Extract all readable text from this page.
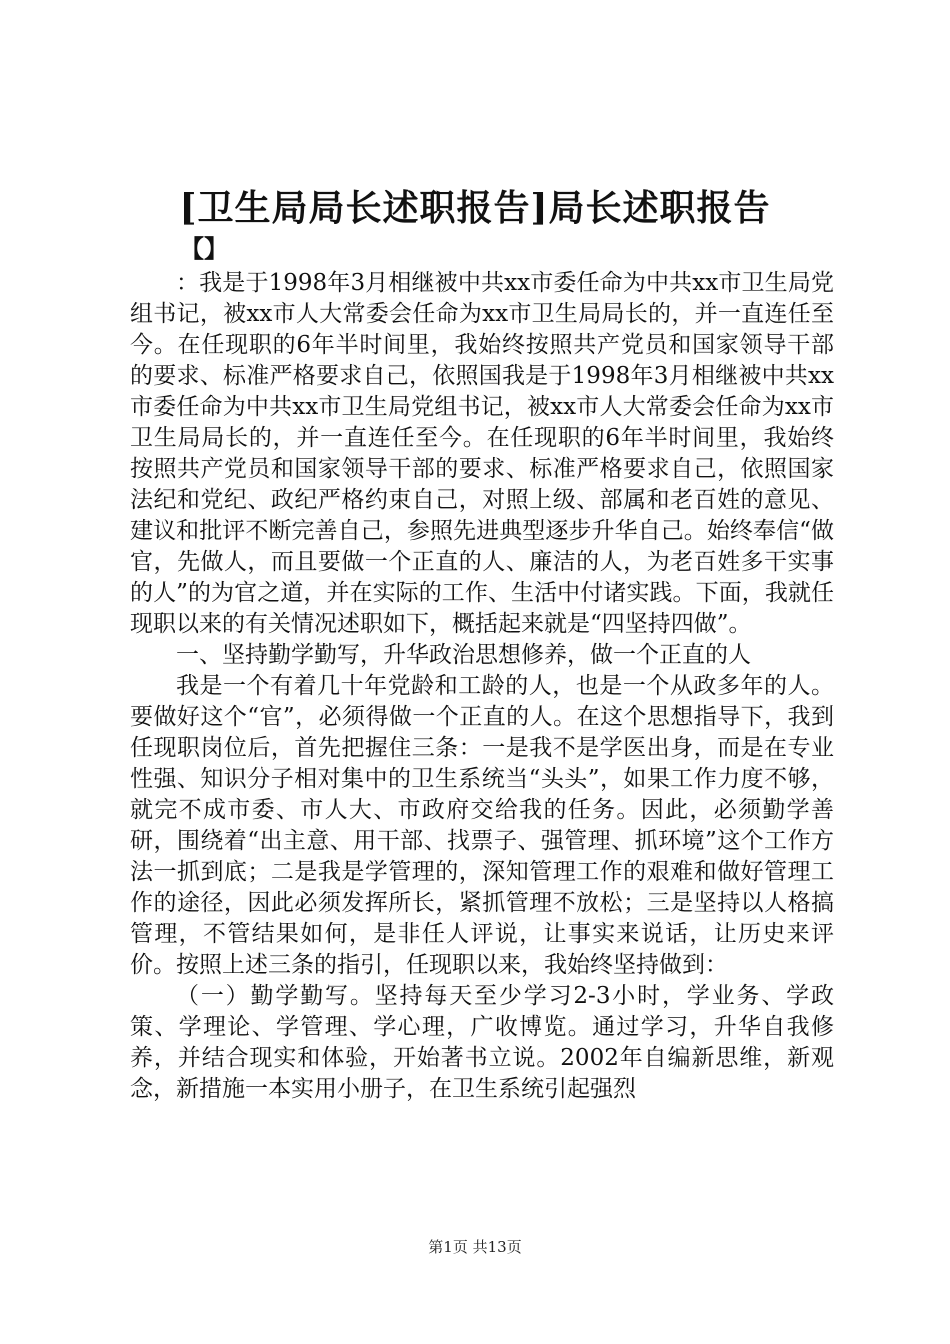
[卫生局局长述职报告]局长述职报告
【】

：我是于1998年3月相继被中共xx市委任命为中共xx市卫生局党组书记，被xx市人大常委会任命为xx市卫生局局长的，并一直连任至今。在任现职的6年半时间里，我始终按照共产党员和国家领导干部的要求、标准严格要求自己，依照国我是于1998年3月相继被中共xx市委任命为中共xx市卫生局党组书记，被xx市人大常委会任命为xx市卫生局局长的，并一直连任至今。在任现职的6年半时间里，我始终按照共产党员和国家领导干部的要求、标准严格要求自己，依照国家法纪和党纪、政纪严格约束自己，对照上级、部属和老百姓的意见、建议和批评不断完善自己，参照先进典型逐步升华自己。始终奉信“做官，先做人，而且要做一个正直的人、廉洁的人，为老百姓多干实事的人”的为官之道，并在实际的工作、生活中付诸实践。下面，我就任现职以来的有关情况述职如下，概括起来就是“四坚持四做”。

一、坚持勤学勤写，升华政治思想修养，做一个正直的人

我是一个有着几十年党龄和工龄的人，也是一个从政多年的人。要做好这个“官”，必须得做一个正直的人。在这个思想指导下，我到任现职岗位后，首先把握住三条：一是我不是学医出身，而是在专业性强、知识分子相对集中的卫生系统当“头头”，如果工作力度不够，就完不成市委、市人大、市政府交给我的任务。因此，必须勤学善研，围绕着“出主意、用干部、找票子、强管理、抓环境”这个工作方法一抓到底；二是我是学管理的，深知管理工作的艰难和做好管理工作的途径，因此必须发挥所长，紧抓管理不放松；三是坚持以人格搞管理，不管结果如何，是非任人评说，让事实来说话，让历史来评价。按照上述三条的指引，任现职以来，我始终坚持做到：

（一）勤学勤写。坚持每天至少学习2-3小时，学业务、学政策、学理论、学管理、学心理，广收博览。通过学习，升华自我修养，并结合现实和体验，开始著书立说。2002年自编新思维，新观念，新措施一本实用小册子，在卫生系统引起强烈

第1页 共13页
